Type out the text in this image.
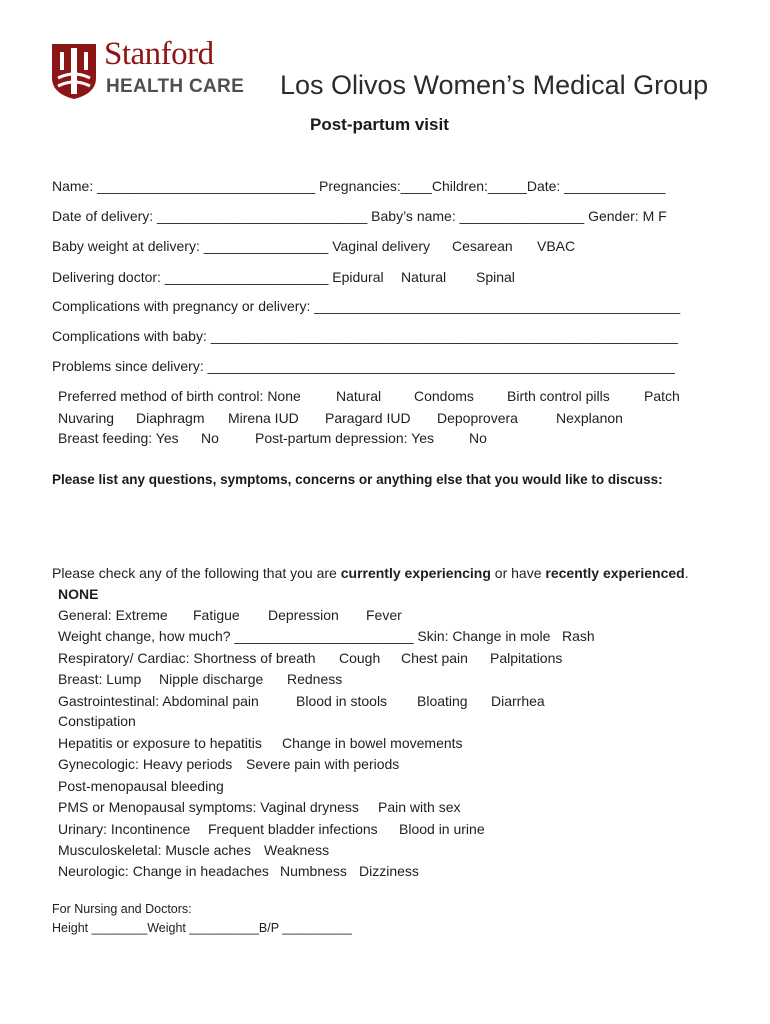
Stanford
HEALTH CARE Los Olivos Women’s Medical Group
Post-partum visit
Name: ____________________________ Pregnancies:____Children:_____Date: _____________
Date of delivery: ___________________________ Baby’s name: ________________ Gender: M F
Baby weight at delivery: ________________ Vaginal delivery Cesarean VBAC
Delivering doctor: _____________________ Epidural Natural Spinal
Complications with pregnancy or delivery: _______________________________________________
Complications with baby: ____________________________________________________________
Problems since delivery: ____________________________________________________________
Preferred method of birth control: None	Natural Condoms Birth control pills Patch
Nuvaring Diaphragm Mirena IUD Paragard IUD Depoprovera	Nexplanon
Breast feeding: Yes No	Post-partum depression: Yes	No
Please list any questions, symptoms, concerns or anything else that you would like to discuss:
Please check any of the following that you are currently experiencing or have recently experienced.
NONE
General: Extreme Fatigue Depression Fever
Weight change, how much? _______________________ Skin: Change in mole Rash
Respiratory/ Cardiac: Shortness of breath Cough Chest pain Palpitations
Breast: Lump Nipple discharge Redness
Gastrointestinal: Abdominal pain	Blood in stools Bloating Diarrhea
Constipation
Hepatitis or exposure to hepatitis Change in bowel movements
Gynecologic: Heavy periods Severe pain with periods
Post-menopausal bleeding
PMS or Menopausal symptoms: Vaginal dryness Pain with sex
Urinary: Incontinence Frequent bladder infections Blood in urine
Musculoskeletal: Muscle aches Weakness
Neurologic: Change in headaches Numbness Dizziness
For Nursing and Doctors:
Height ________Weight __________B/P __________
